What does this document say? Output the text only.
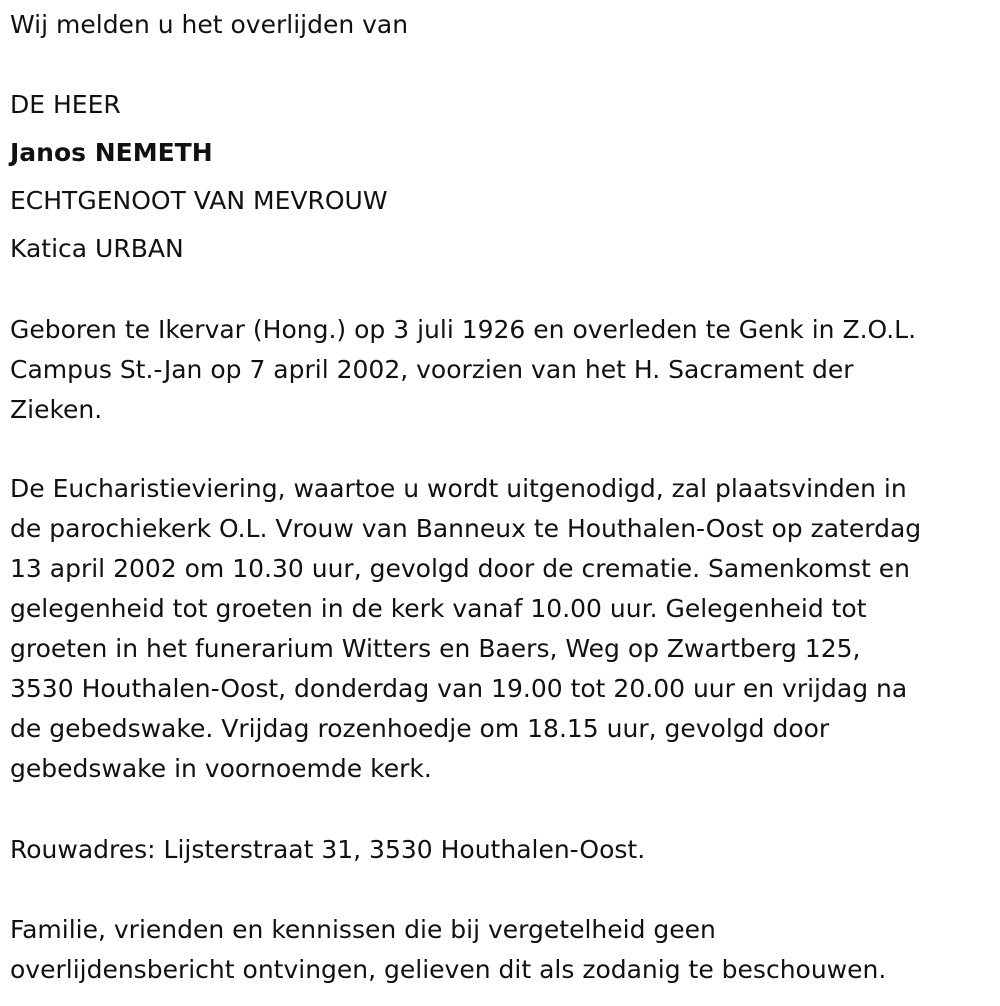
Wij melden u het overlijden van
DE HEER
Janos NEMETH
ECHTGENOOT VAN MEVROUW
Katica URBAN
Geboren te Ikervar (Hong.) op 3 juli 1926 en overleden te Genk in Z.O.L.
Campus St.-Jan op 7 april 2002, voorzien van het H. Sacrament der
Zieken.
De Eucharistieviering, waartoe u wordt uitgenodigd, zal plaatsvinden in
de parochiekerk O.L. Vrouw van Banneux te Houthalen-Oost op zaterdag
13 april 2002 om 10.30 uur, gevolgd door de crematie. Samenkomst en
gelegenheid tot groeten in de kerk vanaf 10.00 uur. Gelegenheid tot
groeten in het funerarium Witters en Baers, Weg op Zwartberg 125,
3530 Houthalen-Oost, donderdag van 19.00 tot 20.00 uur en vrijdag na
de gebedswake. Vrijdag rozenhoedje om 18.15 uur, gevolgd door
gebedswake in voornoemde kerk.
Rouwadres: Lijsterstraat 31, 3530 Houthalen-Oost.
Familie, vrienden en kennissen die bij vergetelheid geen
overlijdensbericht ontvingen, gelieven dit als zodanig te beschouwen.
